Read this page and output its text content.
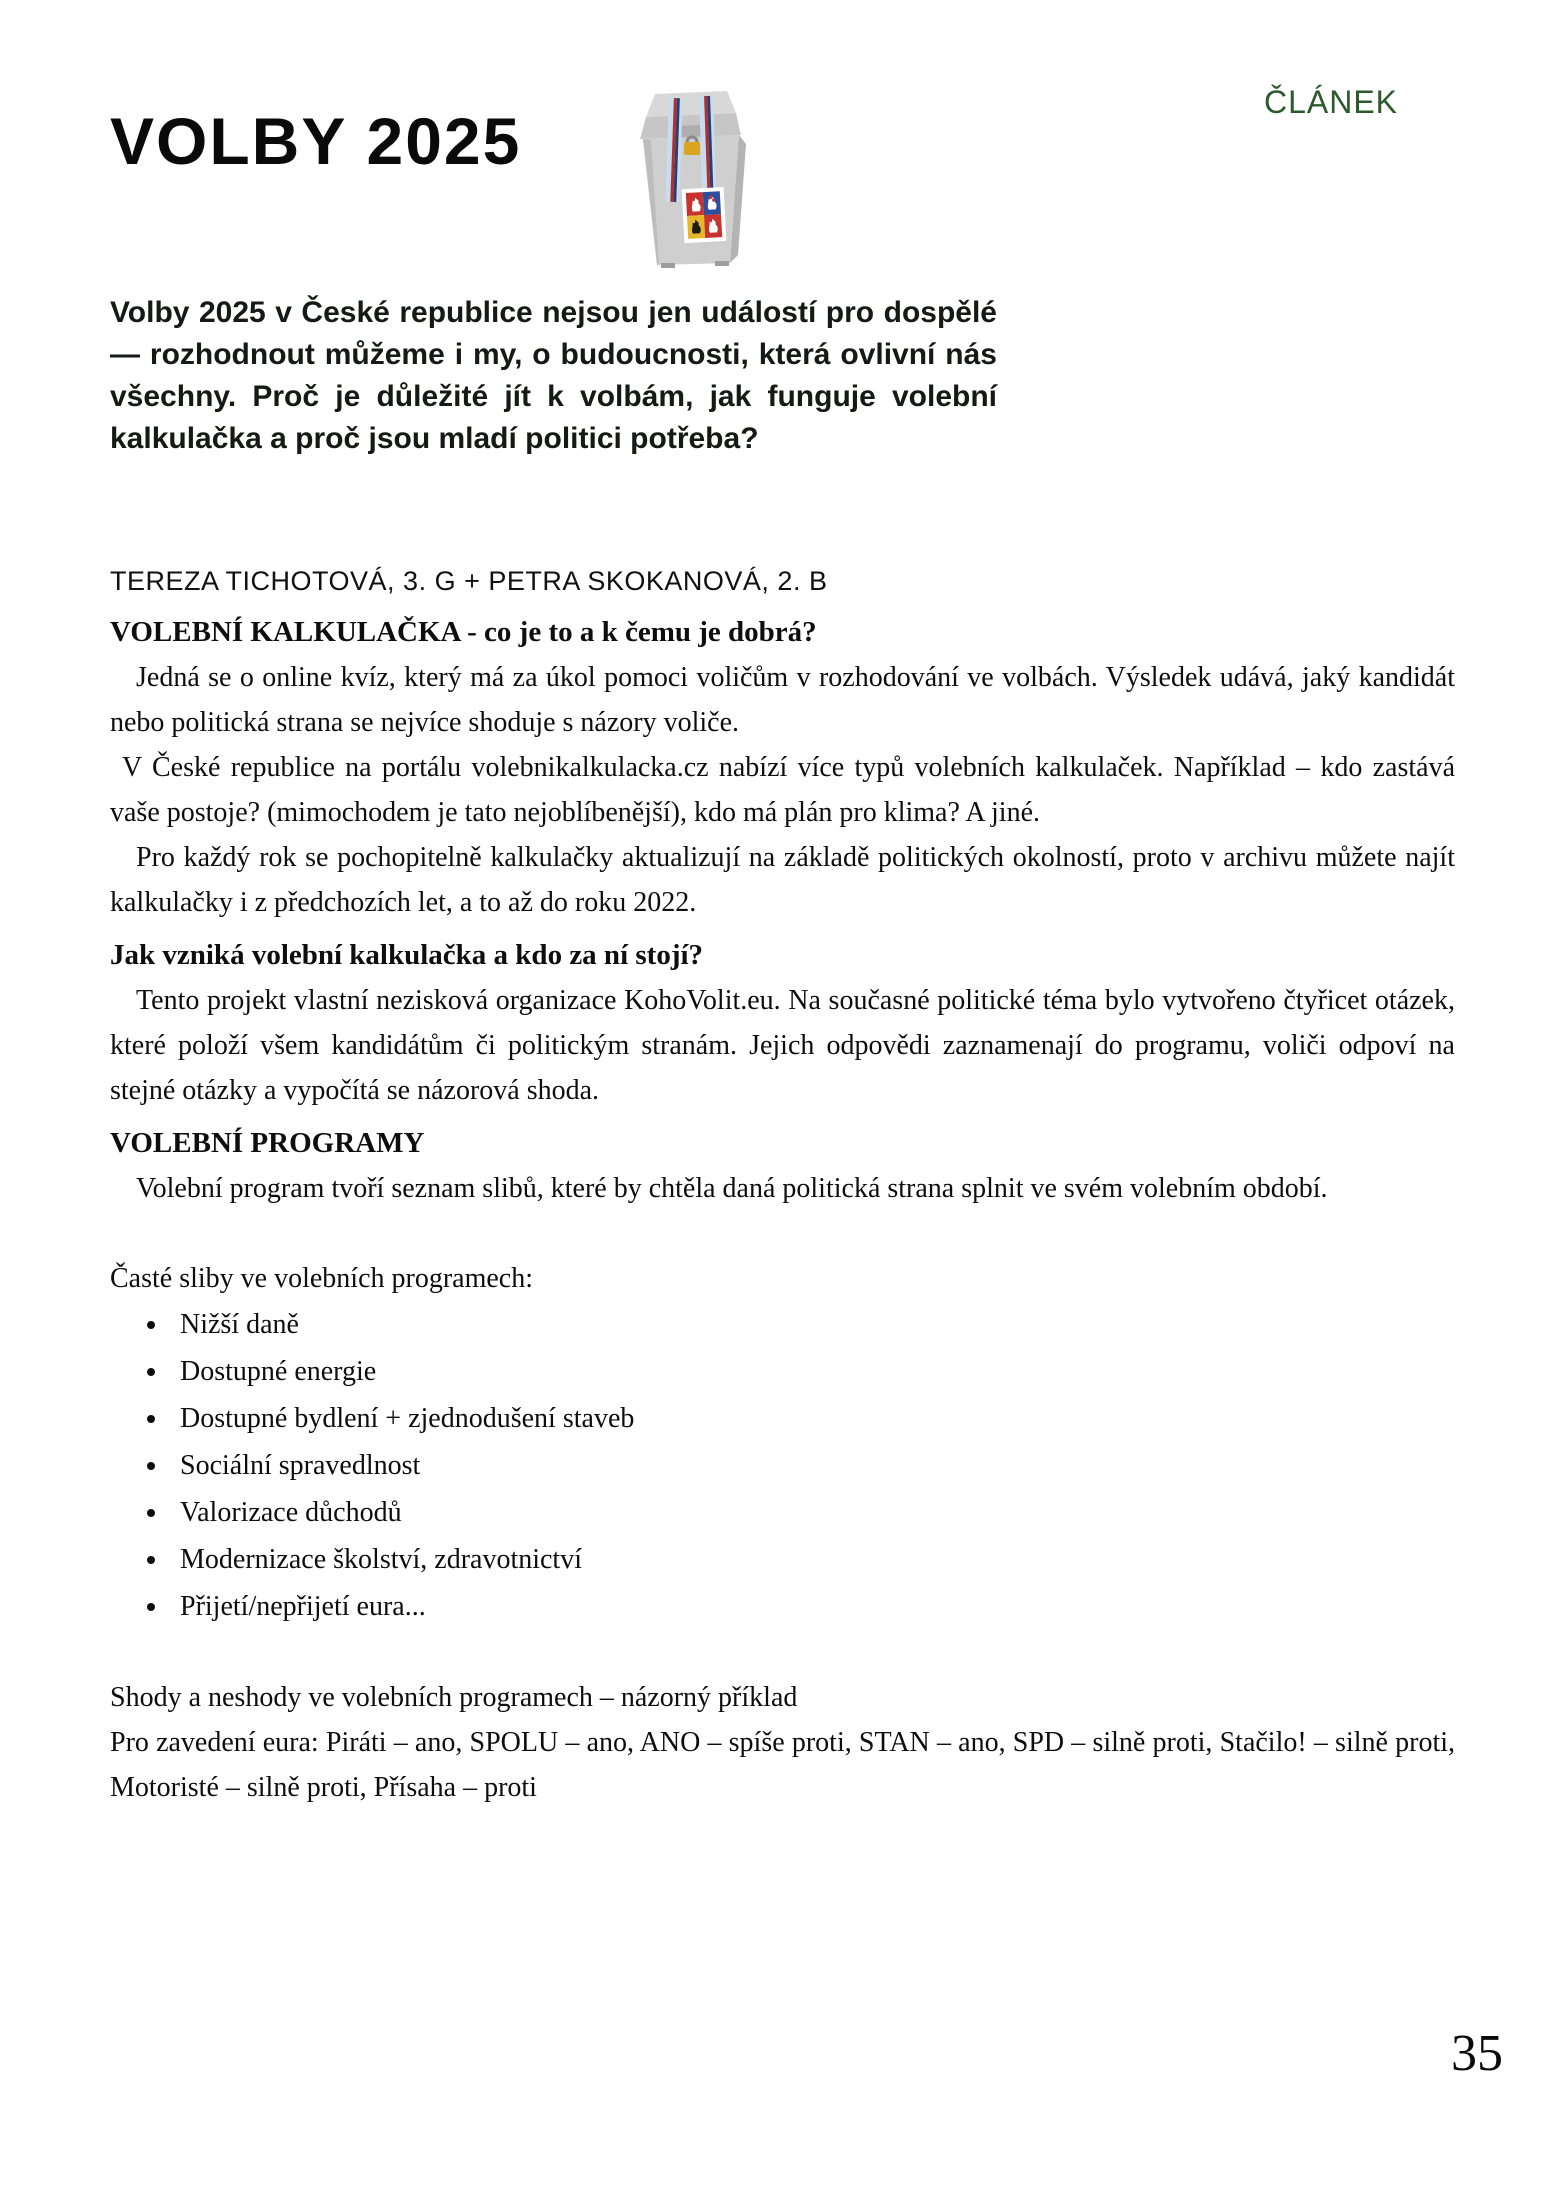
ČLÁNEK
VOLBY 2025

Volby 2025 v České republice nejsou jen událostí pro dospělé — rozhodnout můžeme i my, o budoucnosti, která ovlivní nás všechny. Proč je důležité jít k volbám, jak funguje volební kalkulačka a proč jsou mladí politici potřeba?

TEREZA TICHOTOVÁ, 3. G + PETRA SKOKANOVÁ, 2. B

VOLEBNÍ KALKULAČKA - co je to a k čemu je dobrá?

Jedná se o online kvíz, který má za úkol pomoci voličům v rozhodování ve volbách. Výsledek udává, jaký kandidát nebo politická strana se nejvíce shoduje s názory voliče.

V České republice na portálu volebnikalkulacka.cz nabízí více typů volebních kalkulaček. Například – kdo zastává vaše postoje? (mimochodem je tato nejoblíbenější), kdo má plán pro klima? A jiné.

Pro každý rok se pochopitelně kalkulačky aktualizují na základě politických okolností, proto v archivu můžete najít kalkulačky i z předchozích let, a to až do roku 2022.

Jak vzniká volební kalkulačka a kdo za ní stojí?

Tento projekt vlastní nezisková organizace KohoVolit.eu. Na současné politické téma bylo vytvořeno čtyřicet otázek, které položí všem kandidátům či politickým stranám. Jejich odpovědi zaznamenají do programu, voliči odpoví na stejné otázky a vypočítá se názorová shoda.

VOLEBNÍ PROGRAMY

Volební program tvoří seznam slibů, které by chtěla daná politická strana splnit ve svém volebním období.

Časté sliby ve volebních programech:

• Nižší daně
• Dostupné energie
• Dostupné bydlení + zjednodušení staveb
• Sociální spravedlnost
• Valorizace důchodů
• Modernizace školství, zdravotnictví
• Přijetí/nepřijetí eura...

Shody a neshody ve volebních programech – názorný příklad

Pro zavedení eura: Piráti – ano, SPOLU – ano, ANO – spíše proti, STAN – ano, SPD – silně proti, Stačilo! – silně proti, Motoristé – silně proti, Přísaha – proti

35
